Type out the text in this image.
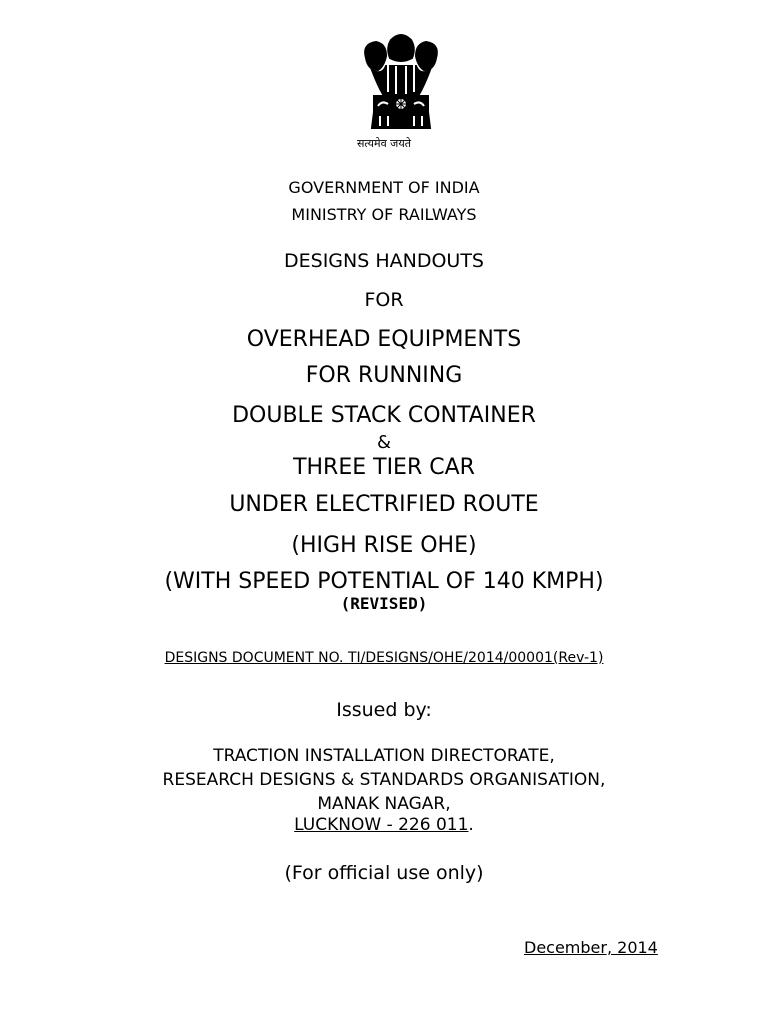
सत्यमेव जयते
GOVERNMENT OF INDIA
MINISTRY OF RAILWAYS
DESIGNS HANDOUTS
FOR
OVERHEAD EQUIPMENTS
FOR RUNNING
DOUBLE STACK CONTAINER
&
THREE TIER CAR
UNDER ELECTRIFIED ROUTE
(HIGH RISE OHE)
(WITH SPEED POTENTIAL OF 140 KMPH)
(REVISED)
DESIGNS DOCUMENT NO. TI/DESIGNS/OHE/2014/00001(Rev-1)
Issued by:
TRACTION INSTALLATION DIRECTORATE,
RESEARCH DESIGNS & STANDARDS ORGANISATION,
MANAK NAGAR,
LUCKNOW - 226 011.
(For official use only)
December, 2014
